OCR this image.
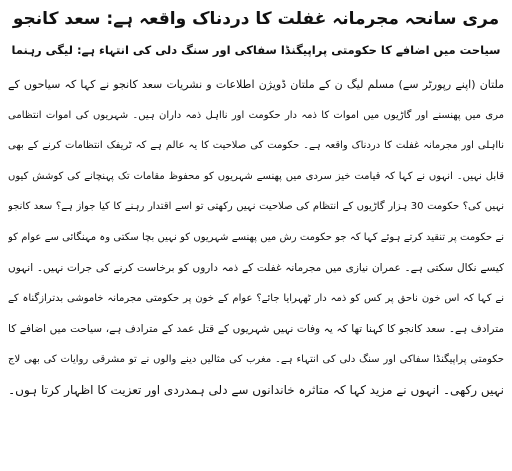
مری سانحہ مجرمانہ غفلت کا دردناک واقعہ ہے: سعد کانجو
سیاحت میں اضافے کا حکومتی پراپیگنڈا سفاکی اور سنگ دلی کی انتہاء ہے: لیگی رہنما
ملتان (اپنے رپورٹر سے) مسلم لیگ ن کے ملتان ڈویژن اطلاعات و نشریات سعد کانجو نے کہا کہ سیاحوں کے
مری میں پھنسنے اور گاڑیوں میں اموات کا ذمہ دار حکومت اور نااہل ذمہ داران ہیں۔ شہریوں کی اموات انتظامی
نااہلی اور مجرمانہ غفلت کا دردناک واقعہ ہے۔ حکومت کی صلاحیت کا یہ عالم ہے کہ ٹریفک انتظامات کرنے کے بھی
قابل نہیں۔ انہوں نے کہا کہ قیامت خیز سردی میں پھنسے شہریوں کو محفوظ مقامات تک پہنچانے کی کوشش کیوں
نہیں کی؟ حکومت 30 ہزار گاڑیوں کے انتظام کی صلاحیت نہیں رکھتی تو اسے اقتدار رہنے کا کیا جواز ہے؟ سعد کانجو
نے حکومت پر تنقید کرتے ہوئے کہا کہ جو حکومت رش میں پھنسے شہریوں کو نہیں بچا سکتی وہ مہنگائی سے عوام کو
کیسے نکال سکتی ہے۔ عمران نیازی میں مجرمانہ غفلت کے ذمہ داروں کو برخاست کرنے کی جرات نہیں۔ انہوں
نے کہا کہ اس خون ناحق پر کس کو ذمہ دار ٹھہرایا جائے؟ عوام کے خون پر حکومتی مجرمانہ خاموشی بدترازگناہ کے
مترادف ہے۔ سعد کانجو کا کہنا تھا کہ یہ وفات نہیں شہریوں کے قتل عمد کے مترادف ہے، سیاحت میں اضافے کا
حکومتی پراپیگنڈا سفاکی اور سنگ دلی کی انتہاء ہے۔ مغرب کی مثالیں دینے والوں نے تو مشرقی روایات کی بھی لاج
نہیں رکھی۔ انہوں نے مزید کہا کہ متاثرہ خاندانوں سے دلی ہمدردی اور تعزیت کا اظہار کرتا ہوں۔
